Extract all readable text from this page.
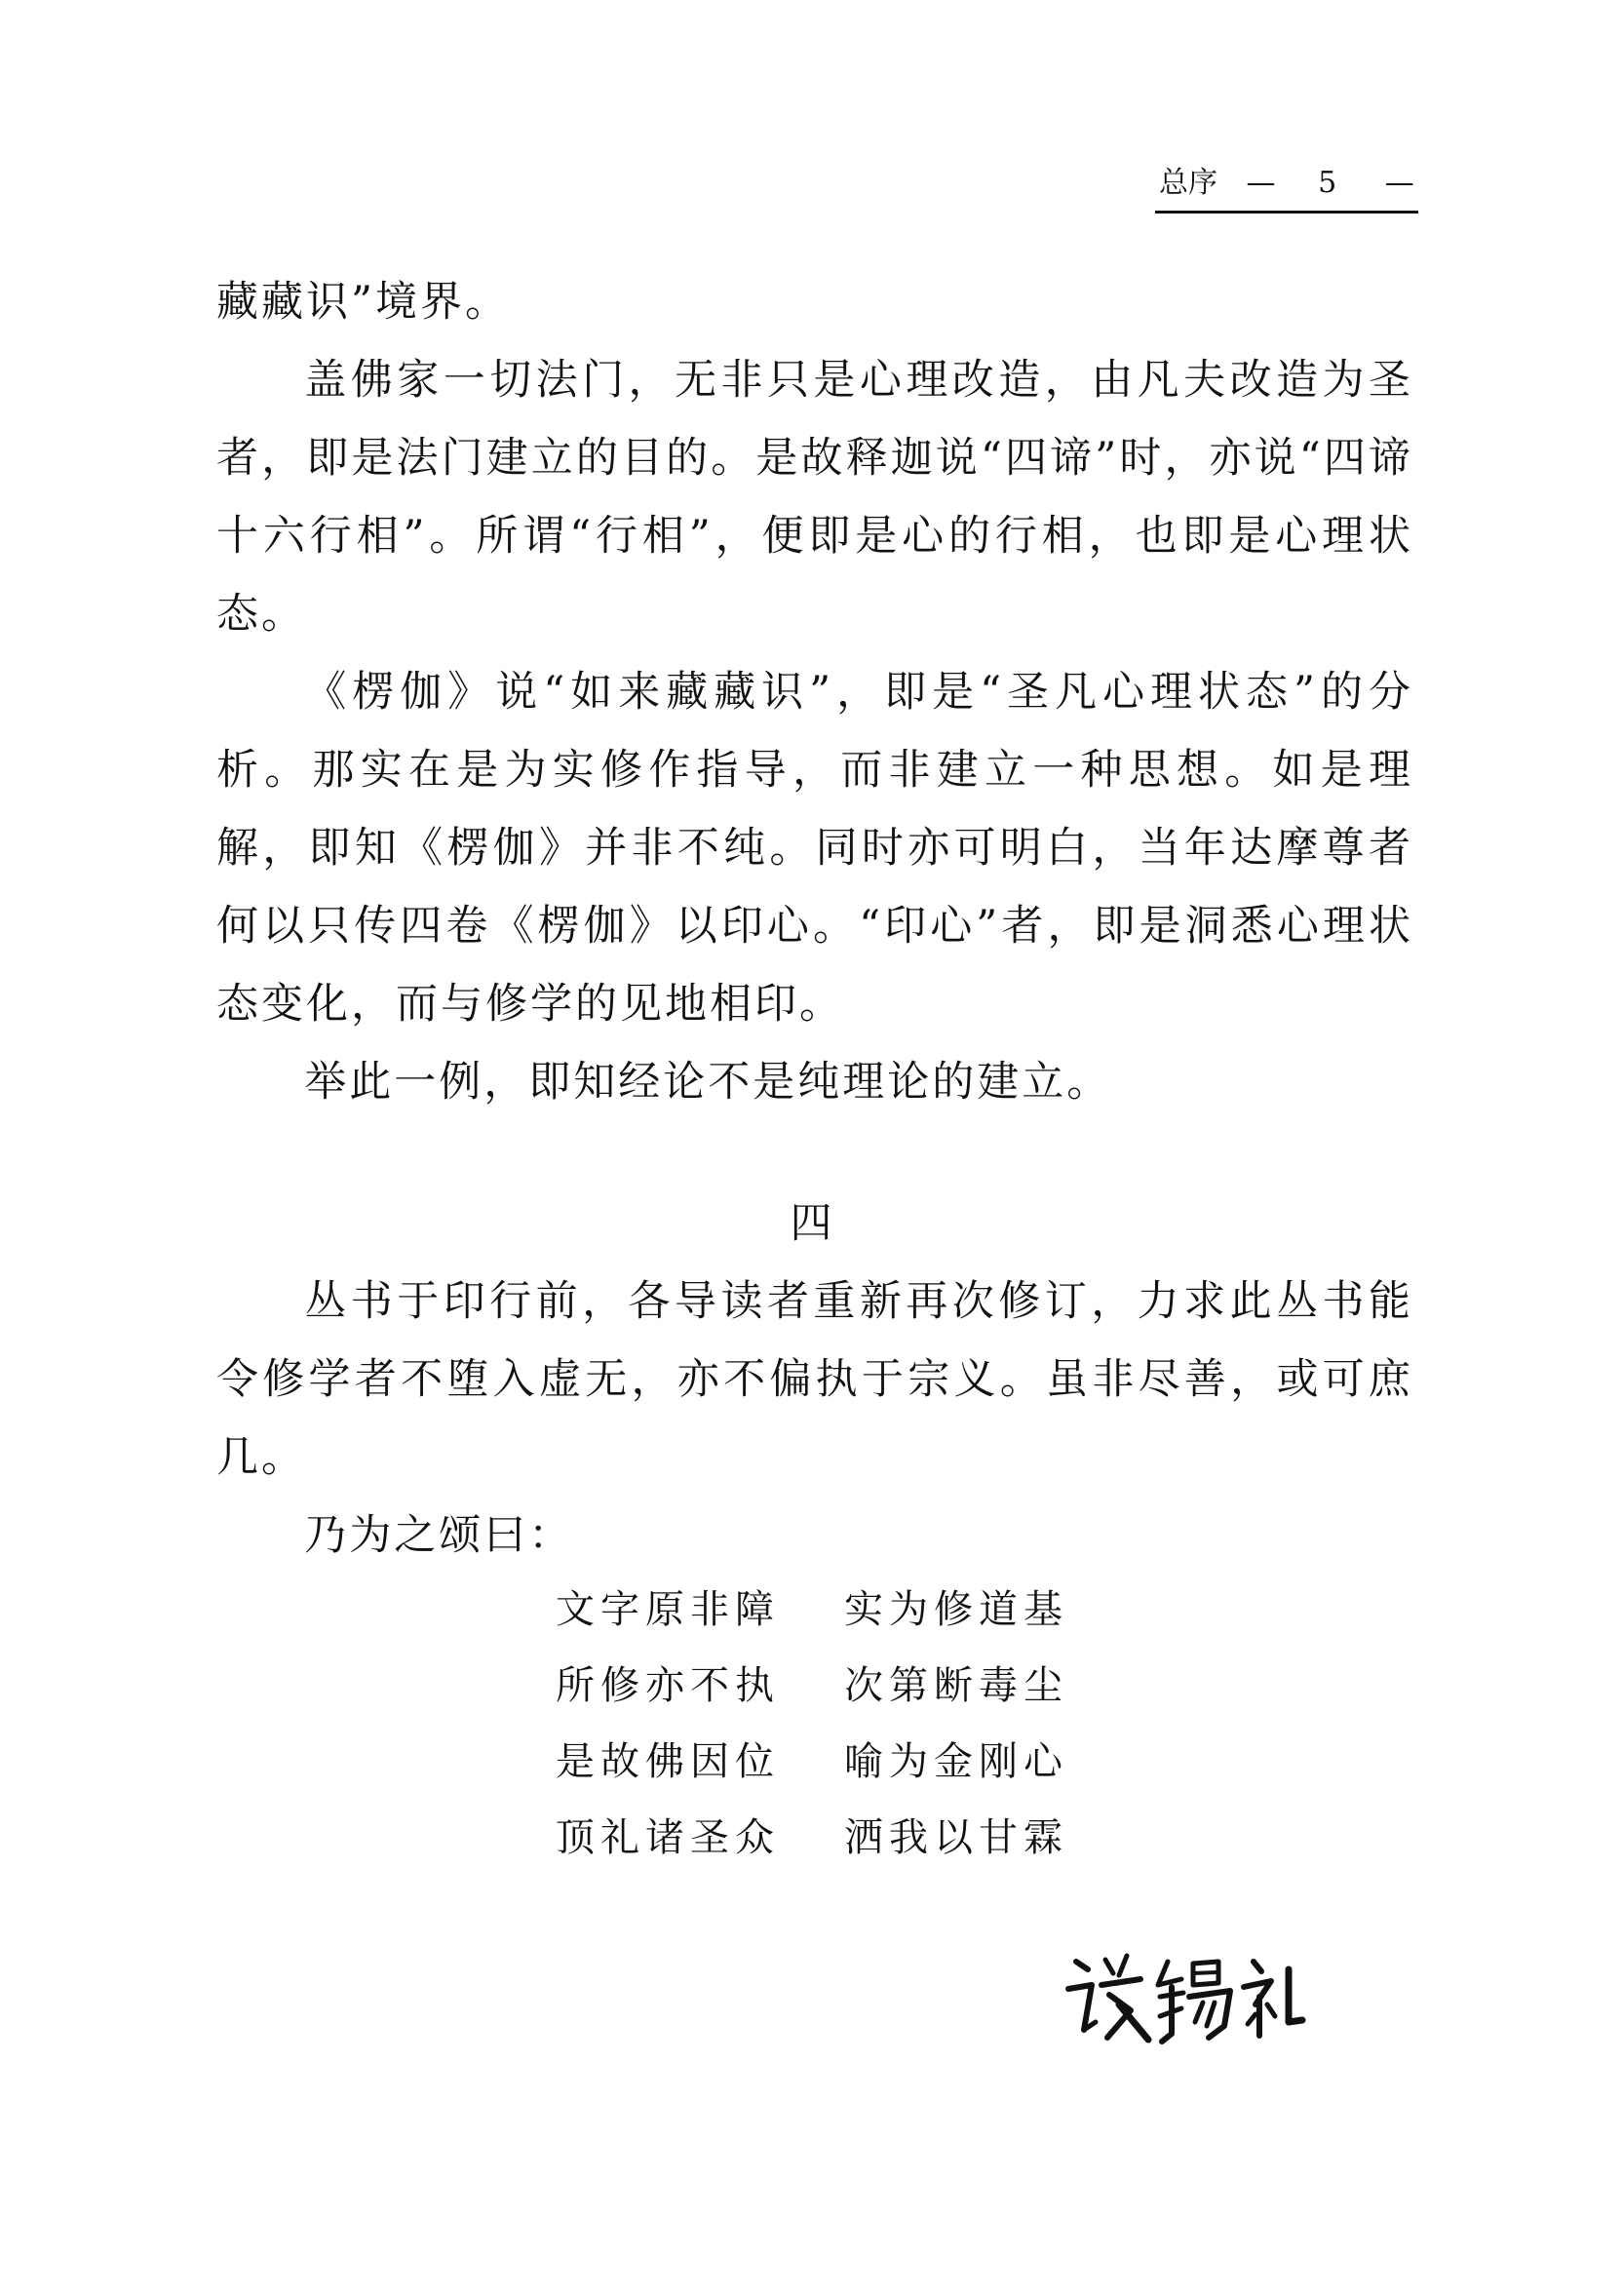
总序 — 5 —

藏藏识”境界。

盖佛家一切法门，无非只是心理改造，由凡夫改造为圣者，即是法门建立的目的。是故释迦说“四谛”时，亦说“四谛十六行相”。所谓“行相”，便即是心的行相，也即是心理状态。

《楞伽》说“如来藏藏识”，即是“圣凡心理状态”的分析。那实在是为实修作指导，而非建立一种思想。如是理解，即知《楞伽》并非不纯。同时亦可明白，当年达摩尊者何以只传四卷《楞伽》以印心。“印心”者，即是洞悉心理状态变化，而与修学的见地相印。

举此一例，即知经论不是纯理论的建立。

四

丛书于印行前，各导读者重新再次修订，力求此丛书能令修学者不堕入虚无，亦不偏执于宗义。虽非尽善，或可庶几。

乃为之颂曰：

文字原非障 实为修道基
所修亦不执 次第断毒尘
是故佛因位 喻为金刚心
顶礼诸圣众 洒我以甘霖
